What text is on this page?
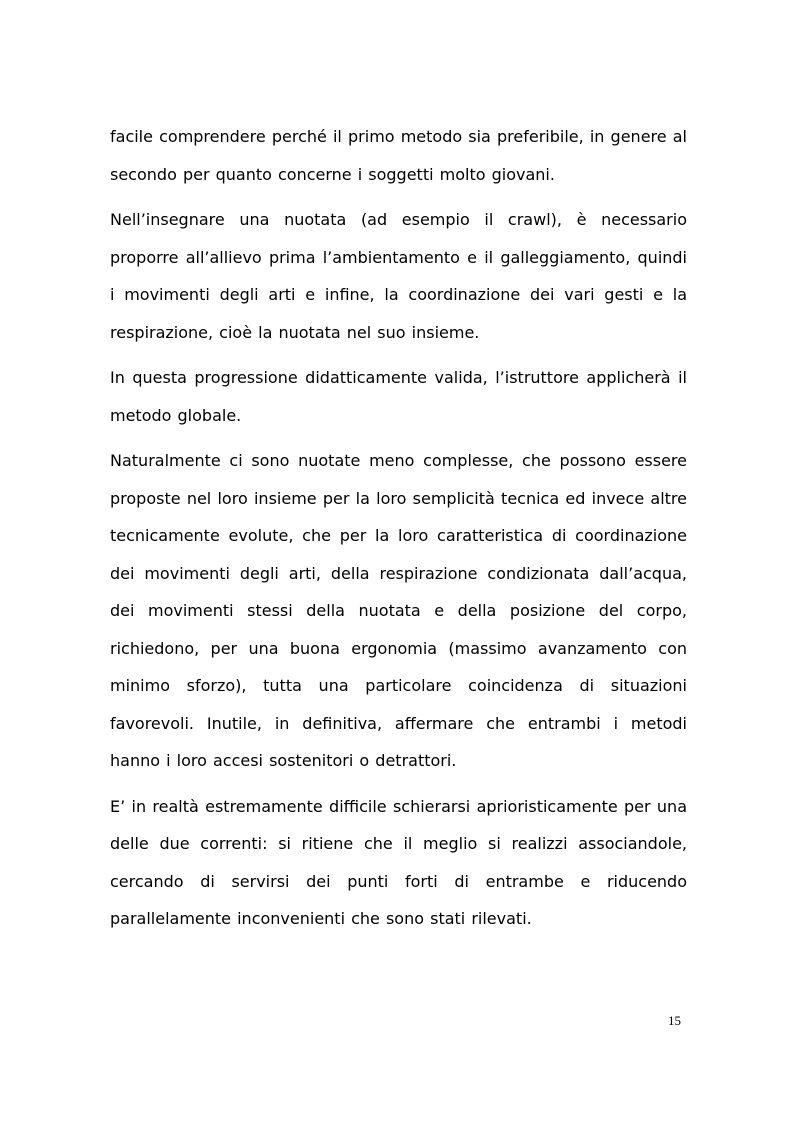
facile comprendere perché il primo metodo sia preferibile, in genere al secondo per quanto concerne i soggetti molto giovani.

Nell’insegnare una nuotata (ad esempio il crawl), è necessario proporre all’allievo prima l’ambientamento e il galleggiamento, quindi i movimenti degli arti e infine, la coordinazione dei vari gesti e la respirazione, cioè la nuotata nel suo insieme.

In questa progressione didatticamente valida, l’istruttore applicherà il metodo globale.

Naturalmente ci sono nuotate meno complesse, che possono essere proposte nel loro insieme per la loro semplicità tecnica ed invece altre tecnicamente evolute, che per la loro caratteristica di coordinazione dei movimenti degli arti, della respirazione condizionata dall’acqua, dei movimenti stessi della nuotata e della posizione del corpo, richiedono, per una buona ergonomia (massimo avanzamento con minimo sforzo), tutta una particolare coincidenza di situazioni favorevoli. Inutile, in definitiva, affermare che entrambi i metodi hanno i loro accesi sostenitori o detrattori.

E’ in realtà estremamente difficile schierarsi aprioristicamente per una delle due correnti: si ritiene che il meglio si realizzi associandole, cercando di servirsi dei punti forti di entrambe e riducendo parallelamente inconvenienti che sono stati rilevati.

15
